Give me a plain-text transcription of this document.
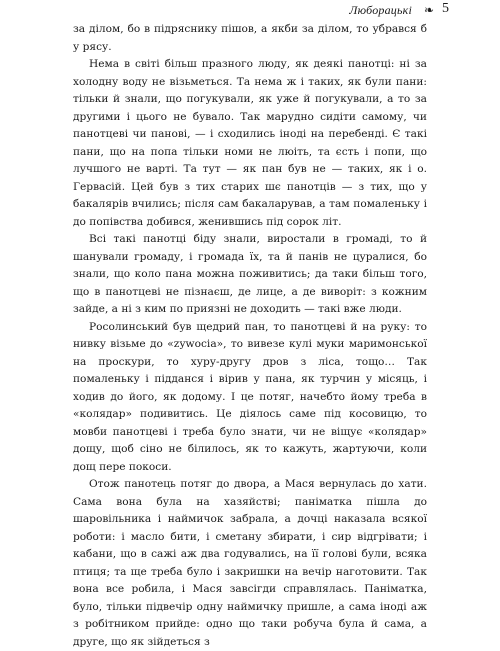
Люборацькі ❧ 5

за ділом, бо в підряснику пішов, а якби за ділом, то убрався б у рясу.

Нема в світі більш празного люду, як деякі панотці: ні за холодну воду не візьметься. Та нема ж і таких, як були пани: тільки й знали, що погукували, як уже й погукували, а то за другими і цього не бувало. Так марудно сидіти самому, чи панотцеві чи панові, — і сходились іноді на перебенді. Є такі пани, що на попа тільки номи не люіть, та єсть і попи, що лучшого не варті. Та тут — як пан був не — таких, як і о. Гервасій. Цей був з тих старих шє панотців — з тих, що у бакалярів вчились; після сам бакаларував, а там помаленьку і до попівства добився, женившись під сорок літ.

Всі такі панотці біду знали, виростали в громаді, то й шанували громаду, і громада їх, та й панів не цуралися, бо знали, що коло пана можна поживитись; да таки більш того, що в панотцеві не пізнаєш, де лице, а де виворіт: з кожним зайде, а ні з ким по приязні не доходить — такі вже люди.

Росолинський був щедрий пан, то панотцеві й на руку: то нивку візьме до «zуwocia», то вивезе кулі муки маримонської на проскури, то хуру-другу дров з ліса, тощо… Так помаленьку і підданся і вірив у пана, як турчин у місяць, і ходив до його, як додому. І це потяг, начебто йому треба в «колядар» подивитись. Це діялось саме під косовицю, то мовби панотцеві і треба було знати, чи не віщує «колядар» дощу, щоб сіно не білилось, як то кажуть, жартуючи, коли дощ пере покоси.

Отож панотець потяг до двора, а Мася вернулась до хати. Сама вона була на хазяйстві; паніматка пішла до шаровільника і наймичок забрала, а дочці наказала всякої роботи: і масло бити, і сметану збирати, і сир відгрівати; і кабани, що в сажі аж два годувались, на її голові були, всяка птиця; та ще треба було і закришки на вечір наготовити. Так вона все робила, і Мася завсігди справлялась. Паніматка, було, тільки підвечір одну наймичку пришле, а сама іноді аж з робітником прийде: одно що таки робуча була й сама, а друге, що як зійдеться з
